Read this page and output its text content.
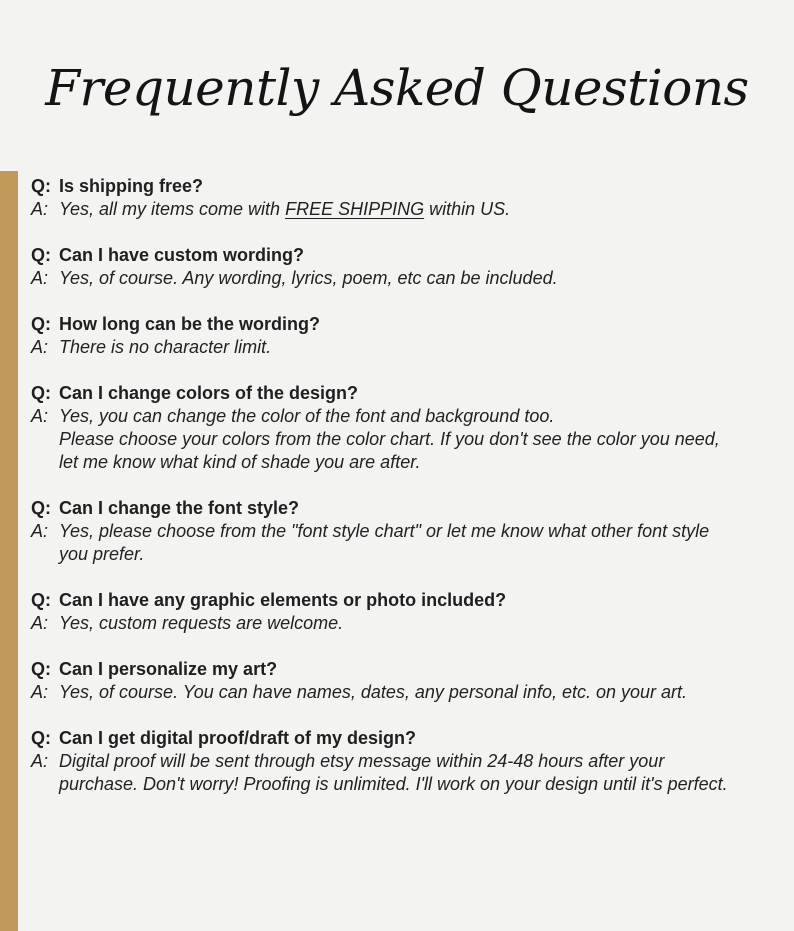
Frequently Asked Questions
Q: Is shipping free?
A: Yes, all my items come with FREE SHIPPING within US.
Q: Can I have custom wording?
A: Yes, of course. Any wording, lyrics, poem, etc can be included.
Q: How long can be the wording?
A: There is no character limit.
Q: Can I change colors of the design?
A: Yes, you can change the color of the font and background too.
Please choose your colors from the color chart. If you don't see the color you need,
let me know what kind of shade you are after.
Q: Can I change the font style?
A: Yes, please choose from the "font style chart" or let me know what other font style
you prefer.
Q: Can I have any graphic elements or photo included?
A: Yes, custom requests are welcome.
Q: Can I personalize my art?
A: Yes, of course. You can have names, dates, any personal info, etc. on your art.
Q: Can I get digital proof/draft of my design?
A: Digital proof will be sent through etsy message within 24-48 hours after your
purchase. Don't worry! Proofing is unlimited. I'll work on your design until it's perfect.
